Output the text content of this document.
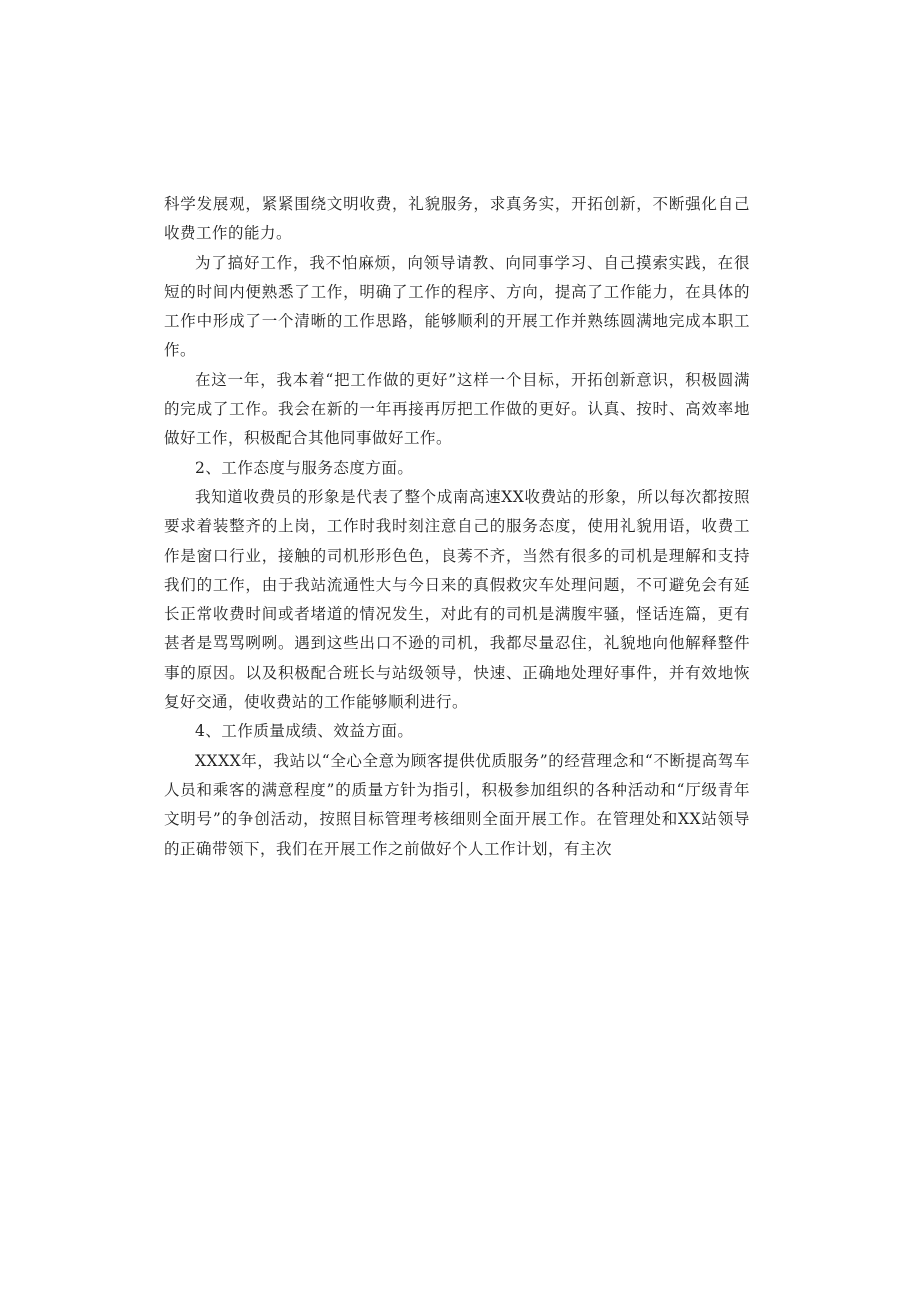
科学发展观，紧紧围绕文明收费，礼貌服务，求真务实，开拓创新，不断强化自己收费工作的能力。

为了搞好工作，我不怕麻烦，向领导请教、向同事学习、自己摸索实践，在很短的时间内便熟悉了工作，明确了工作的程序、方向，提高了工作能力，在具体的工作中形成了一个清晰的工作思路，能够顺利的开展工作并熟练圆满地完成本职工作。

在这一年，我本着“把工作做的更好”这样一个目标，开拓创新意识，积极圆满的完成了工作。我会在新的一年再接再厉把工作做的更好。认真、按时、高效率地做好工作，积极配合其他同事做好工作。

2、工作态度与服务态度方面。

我知道收费员的形象是代表了整个成南高速XX收费站的形象，所以每次都按照要求着装整齐的上岗，工作时我时刻注意自己的服务态度，使用礼貌用语，收费工作是窗口行业，接触的司机形形色色，良莠不齐，当然有很多的司机是理解和支持我们的工作，由于我站流通性大与今日来的真假救灾车处理问题，不可避免会有延长正常收费时间或者堵道的情况发生，对此有的司机是满腹牢骚，怪话连篇，更有甚者是骂骂咧咧。遇到这些出口不逊的司机，我都尽量忍住，礼貌地向他解释整件事的原因。以及积极配合班长与站级领导，快速、正确地处理好事件，并有效地恢复好交通，使收费站的工作能够顺利进行。

4、工作质量成绩、效益方面。

XXXX年，我站以“全心全意为顾客提供优质服务”的经营理念和“不断提高驾车人员和乘客的满意程度”的质量方针为指引，积极参加组织的各种活动和“厅级青年文明号”的争创活动，按照目标管理考核细则全面开展工作。在管理处和XX站领导的正确带领下，我们在开展工作之前做好个人工作计划，有主次
